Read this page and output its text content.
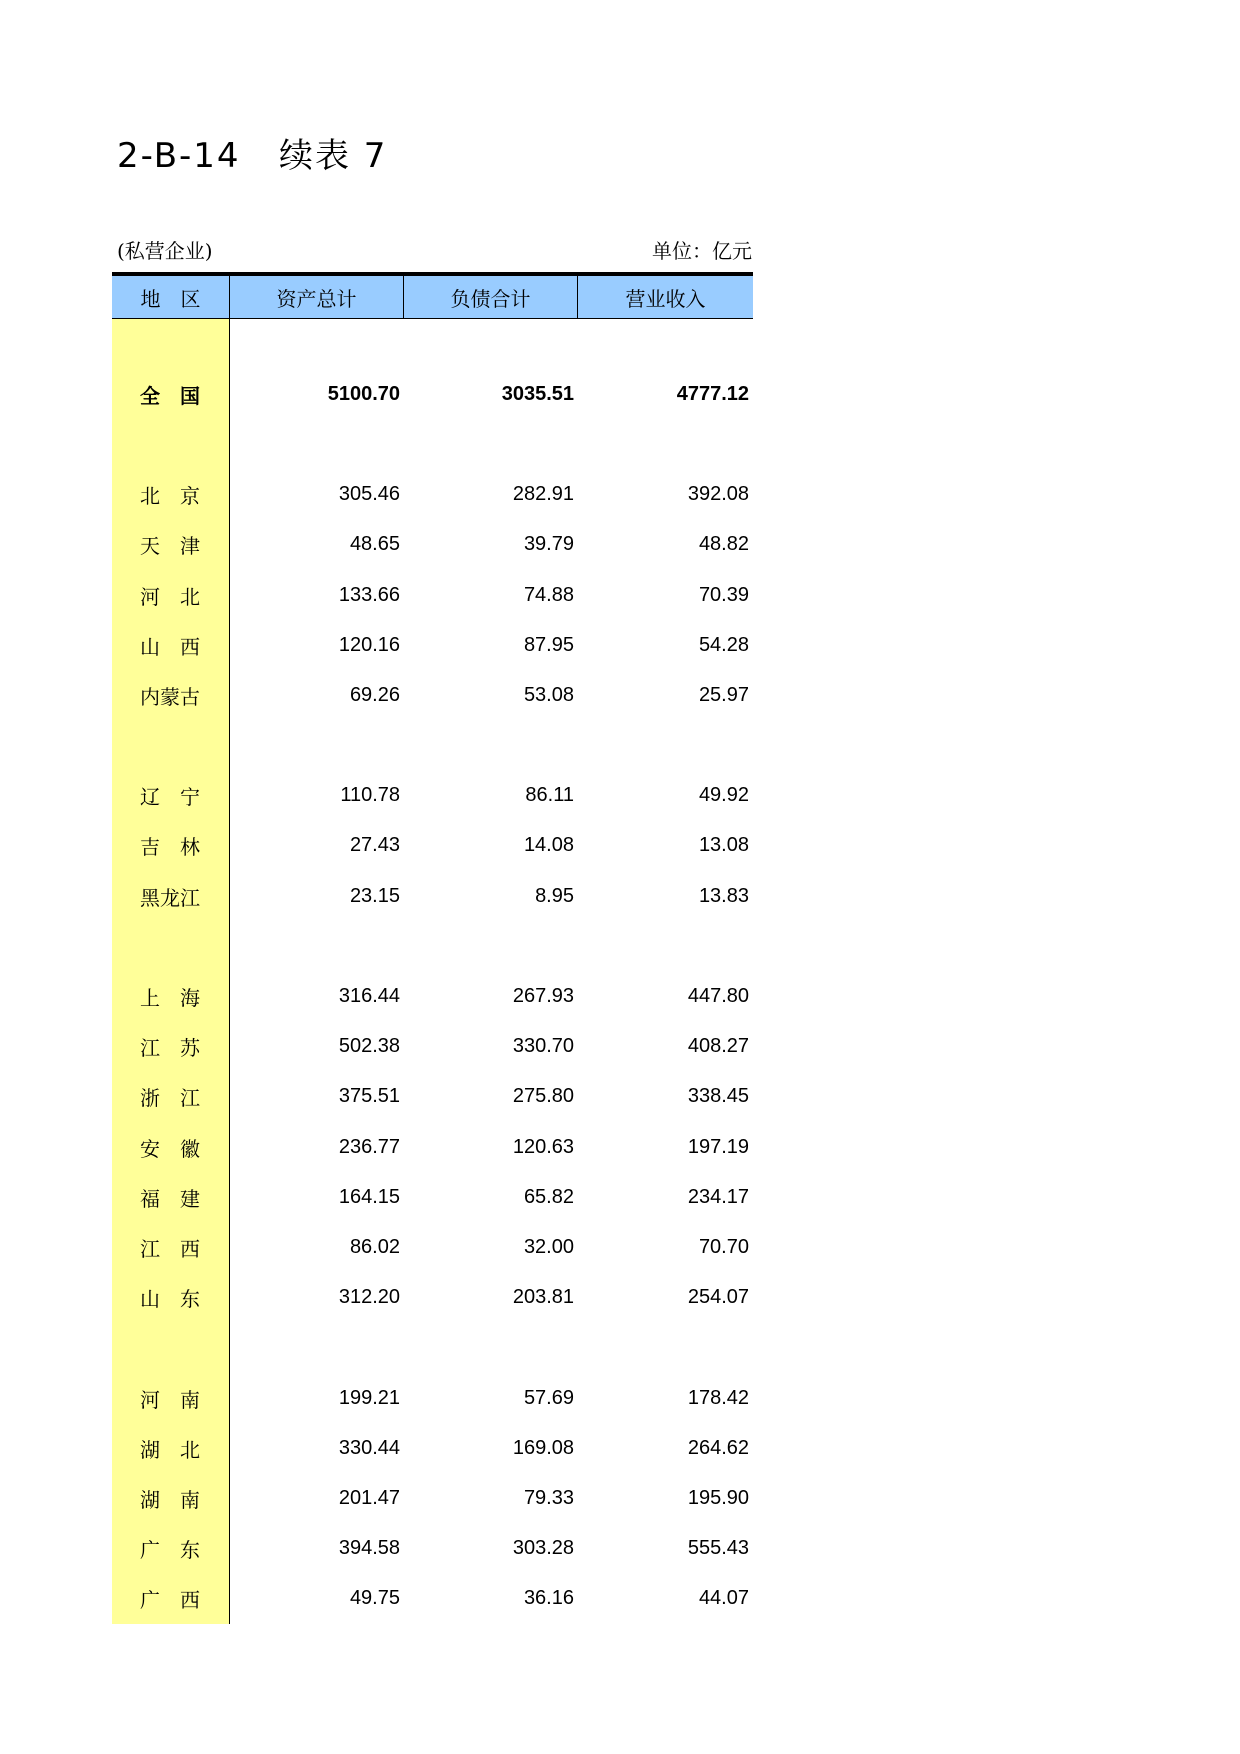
2-B-14   续表 7
(私营企业)	单位：亿元
地　区	资产总计	负债合计	营业收入
全　国	5100.70	3035.51	4777.12
北　京	305.46	282.91	392.08
天　津	48.65	39.79	48.82
河　北	133.66	74.88	70.39
山　西	120.16	87.95	54.28
内蒙古	69.26	53.08	25.97
辽　宁	110.78	86.11	49.92
吉　林	27.43	14.08	13.08
黑龙江	23.15	8.95	13.83
上　海	316.44	267.93	447.80
江　苏	502.38	330.70	408.27
浙　江	375.51	275.80	338.45
安　徽	236.77	120.63	197.19
福　建	164.15	65.82	234.17
江　西	86.02	32.00	70.70
山　东	312.20	203.81	254.07
河　南	199.21	57.69	178.42
湖　北	330.44	169.08	264.62
湖　南	201.47	79.33	195.90
广　东	394.58	303.28	555.43
广　西	49.75	36.16	44.07
